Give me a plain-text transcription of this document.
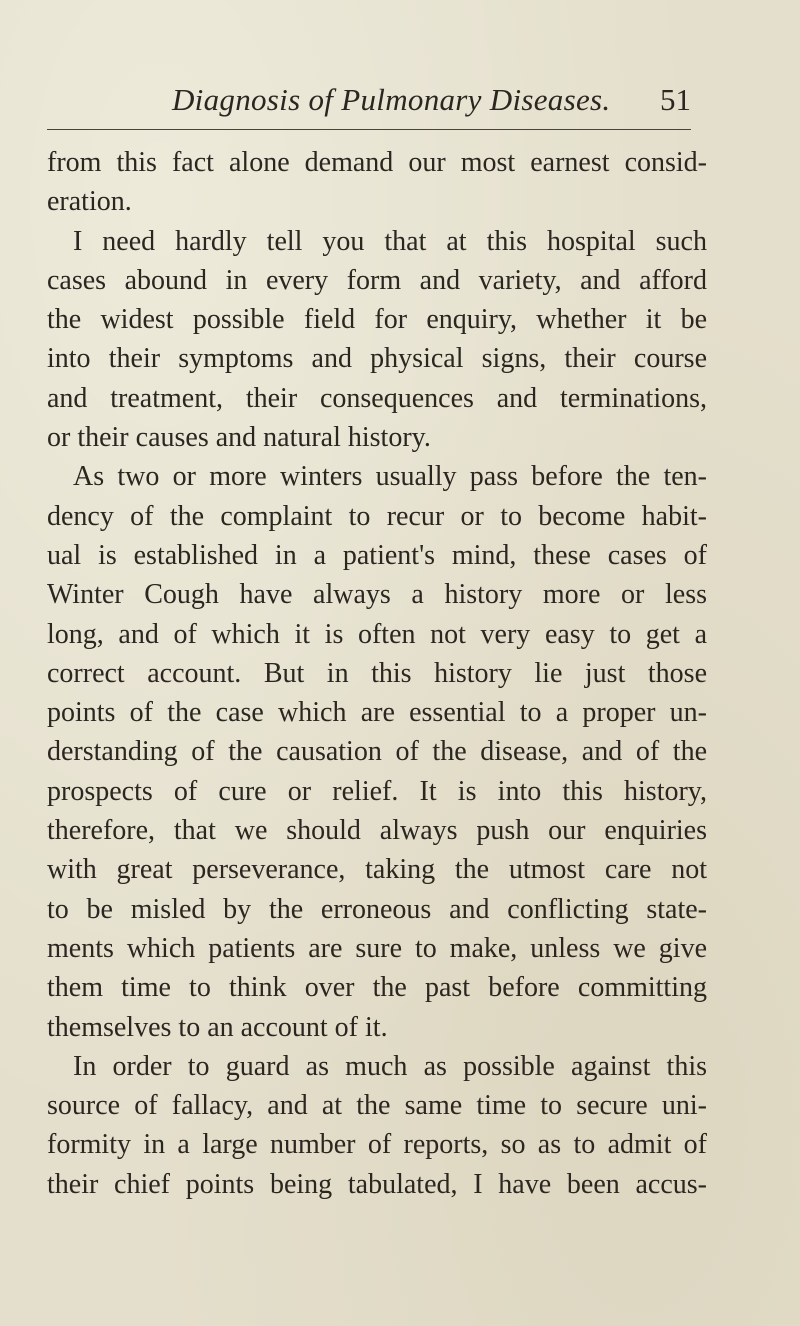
Diagnosis of Pulmonary Diseases. 51
from this fact alone demand our most earnest consid-
eration.
I need hardly tell you that at this hospital such
cases abound in every form and variety, and afford
the widest possible field for enquiry, whether it be
into their symptoms and physical signs, their course
and treatment, their consequences and terminations,
or their causes and natural history.
As two or more winters usually pass before the ten-
dency of the complaint to recur or to become habit-
ual is established in a patient's mind, these cases of
Winter Cough have always a history more or less
long, and of which it is often not very easy to get a
correct account. But in this history lie just those
points of the case which are essential to a proper un-
derstanding of the causation of the disease, and of the
prospects of cure or relief. It is into this history,
therefore, that we should always push our enquiries
with great perseverance, taking the utmost care not
to be misled by the erroneous and conflicting state-
ments which patients are sure to make, unless we give
them time to think over the past before committing
themselves to an account of it.
In order to guard as much as possible against this
source of fallacy, and at the same time to secure uni-
formity in a large number of reports, so as to admit of
their chief points being tabulated, I have been accus-
